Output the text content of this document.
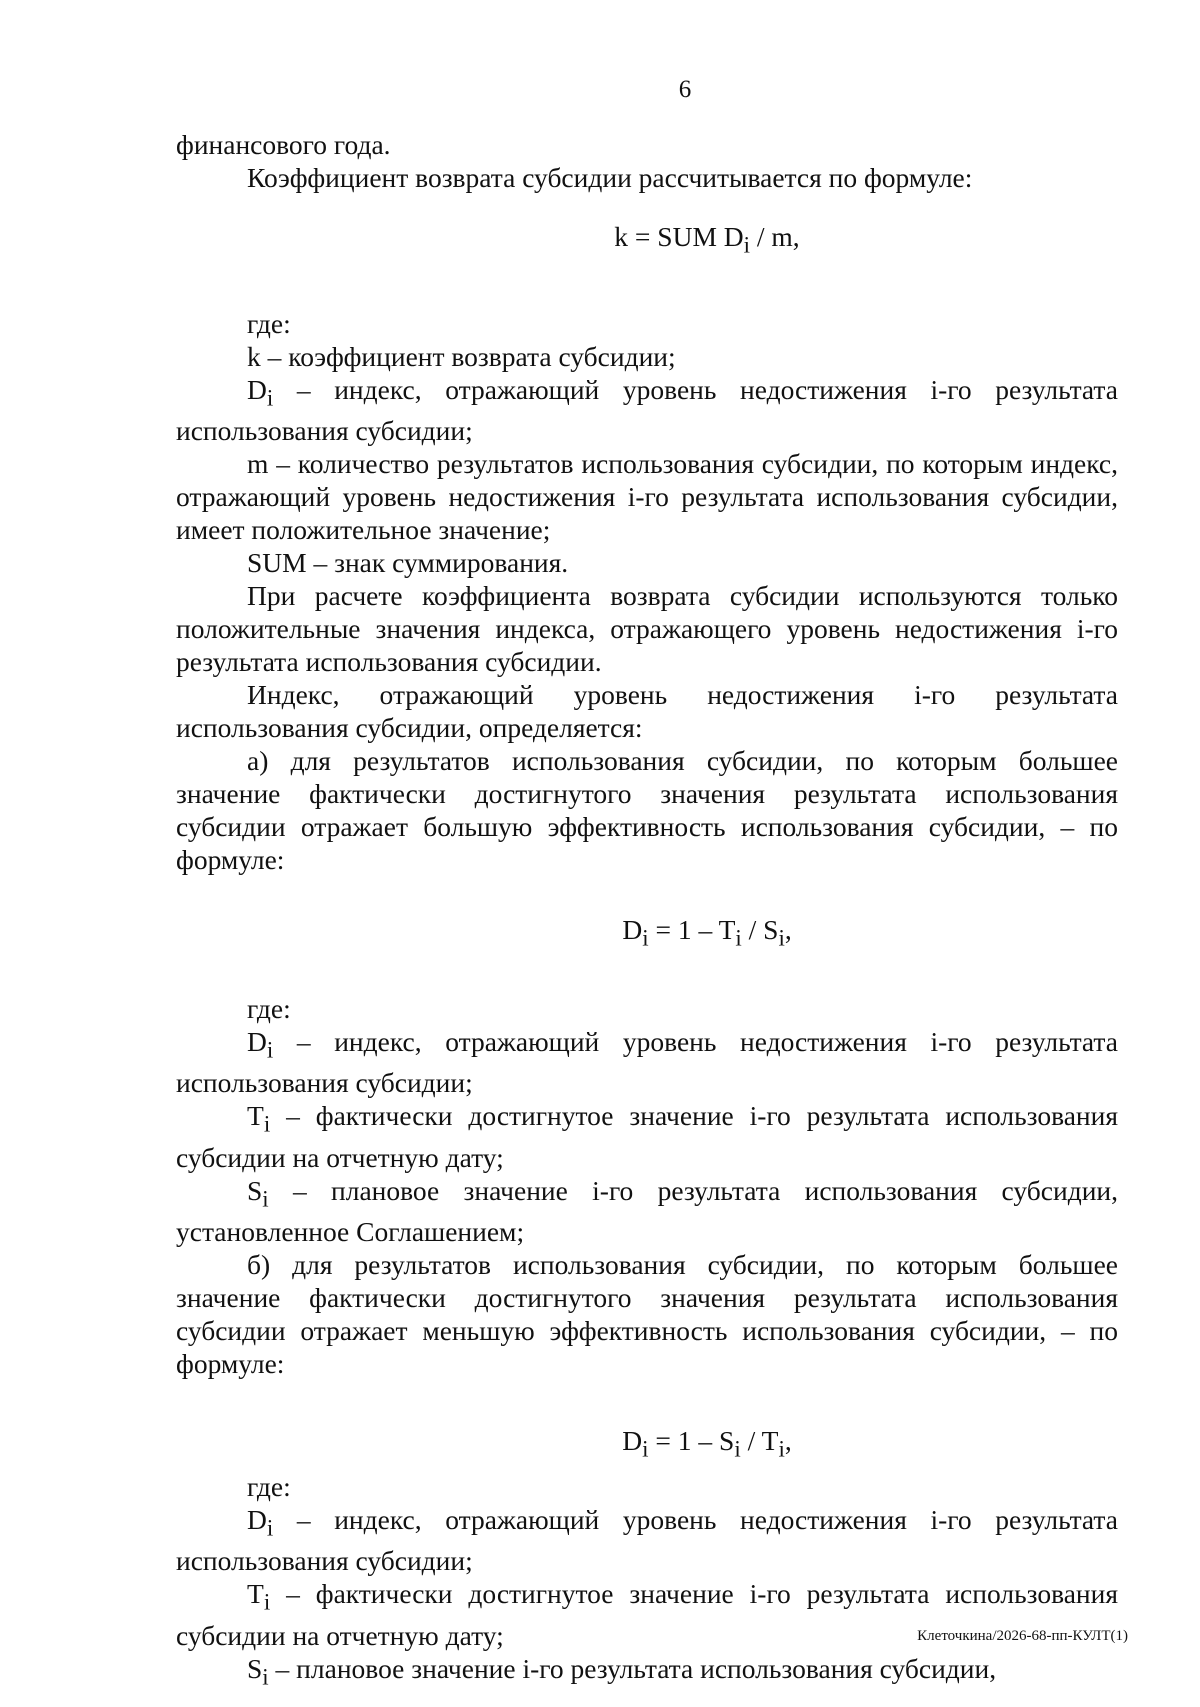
6

финансового года.

Коэффициент возврата субсидии рассчитывается по формуле:

k = SUM $D_i$ / m,

где:

k – коэффициент возврата субсидии;

$D_i$ – индекс, отражающий уровень недостижения i-го результата использования субсидии;

m – количество результатов использования субсидии, по которым индекс, отражающий уровень недостижения i-го результата использования субсидии, имеет положительное значение;

SUM – знак суммирования.

При расчете коэффициента возврата субсидии используются только положительные значения индекса, отражающего уровень недостижения i-го результата использования субсидии.

Индекс, отражающий уровень недостижения i-го результата использования субсидии, определяется:

а) для результатов использования субсидии, по которым большее значение фактически достигнутого значения результата использования субсидии отражает большую эффективность использования субсидии, – по формуле:

$D_i = 1 - T_i / S_i$,

где:

$D_i$ – индекс, отражающий уровень недостижения i-го результата использования субсидии;

$T_i$ – фактически достигнутое значение i-го результата использования субсидии на отчетную дату;

$S_i$ – плановое значение i-го результата использования субсидии, установленное Соглашением;

б) для результатов использования субсидии, по которым большее значение фактически достигнутого значения результата использования субсидии отражает меньшую эффективность использования субсидии, – по формуле:

$D_i = 1 - S_i / T_i$,

где:

$D_i$ – индекс, отражающий уровень недостижения i-го результата использования субсидии;

$T_i$ – фактически достигнутое значение i-го результата использования субсидии на отчетную дату;

$S_i$ – плановое значение i-го результата использования субсидии,

Клеточкина/2026-68-пп-КУЛТ(1)
